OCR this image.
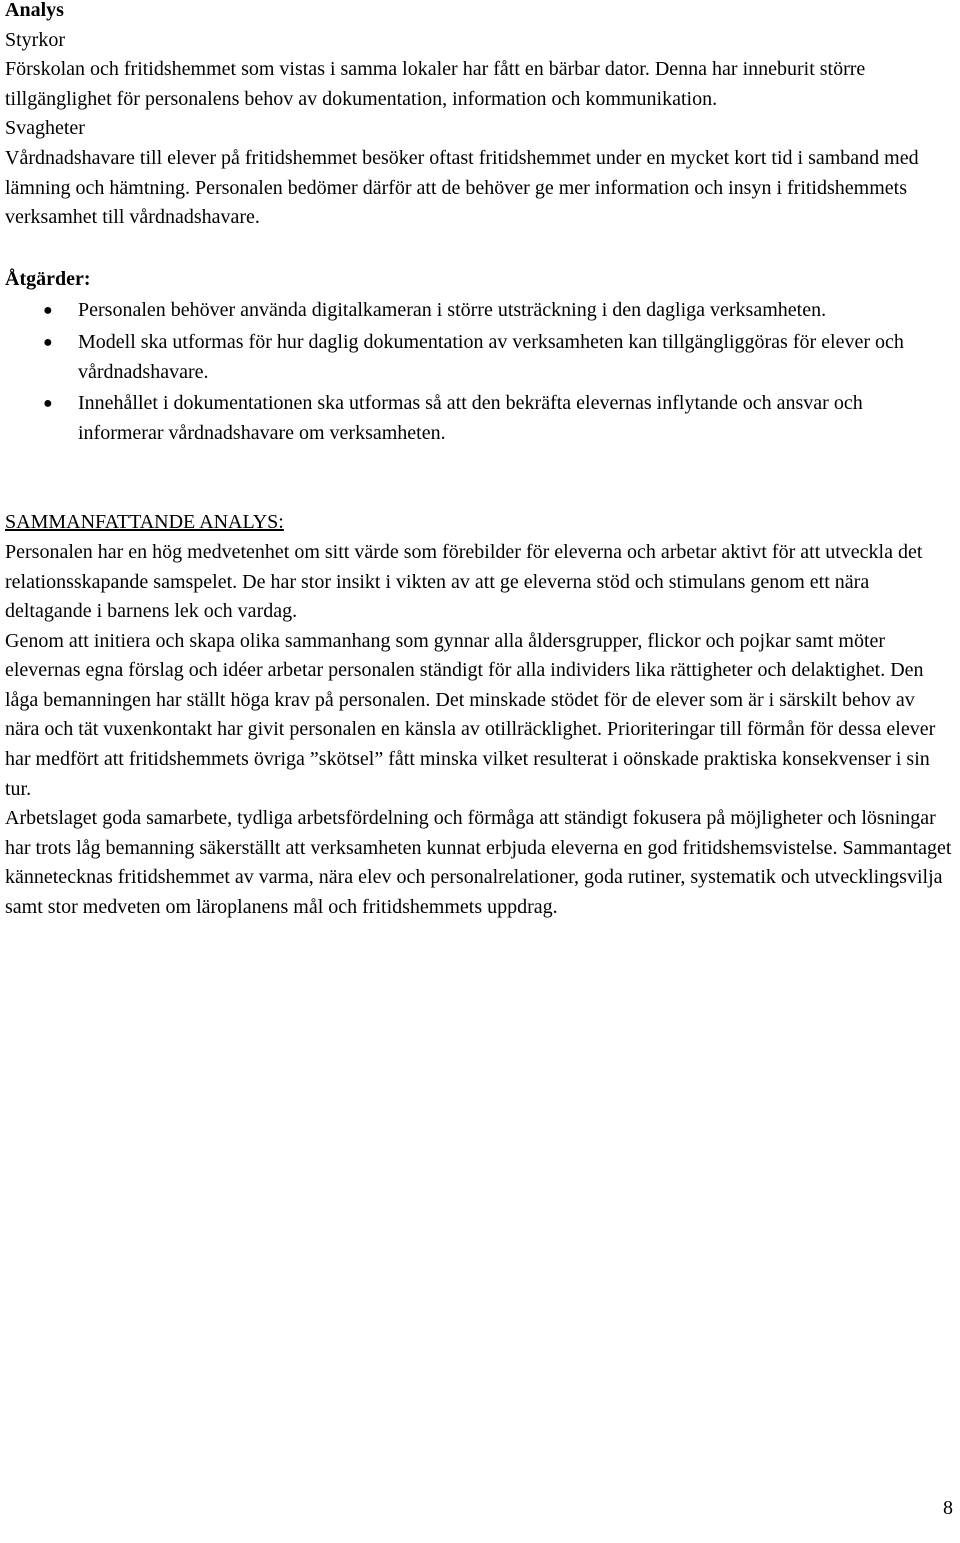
Analys

Styrkor

Förskolan och fritidshemmet som vistas i samma lokaler har fått en bärbar dator. Denna har inneburit större tillgänglighet för personalens behov av dokumentation, information och kommunikation.

Svagheter

Vårdnadshavare till elever på fritidshemmet besöker oftast fritidshemmet under en mycket kort tid i samband med lämning och hämtning. Personalen bedömer därför att de behöver ge mer information och insyn i fritidshemmets verksamhet till vårdnadshavare.

Åtgärder:

● Personalen behöver använda digitalkameran i större utsträckning i den dagliga verksamheten.
● Modell ska utformas för hur daglig dokumentation av verksamheten kan tillgängliggöras för elever och vårdnadshavare.
● Innehållet i dokumentationen ska utformas så att den bekräfta elevernas inflytande och ansvar och informerar vårdnadshavare om verksamheten.

SAMMANFATTANDE ANALYS:

Personalen har en hög medvetenhet om sitt värde som förebilder för eleverna och arbetar aktivt för att utveckla det relationsskapande samspelet. De har stor insikt i vikten av att ge eleverna stöd och stimulans genom ett nära deltagande i barnens lek och vardag.

Genom att initiera och skapa olika sammanhang som gynnar alla åldersgrupper, flickor och pojkar samt möter elevernas egna förslag och idéer arbetar personalen ständigt för alla individers lika rättigheter och delaktighet. Den låga bemanningen har ställt höga krav på personalen. Det minskade stödet för de elever som är i särskilt behov av nära och tät vuxenkontakt har givit personalen en känsla av otillräcklighet. Prioriteringar till förmån för dessa elever har medfört att fritidshemmets övriga ”skötsel” fått minska vilket resulterat i oönskade praktiska konsekvenser i sin tur.

Arbetslaget goda samarbete, tydliga arbetsfördelning och förmåga att ständigt fokusera på möjligheter och lösningar har trots låg bemanning säkerställt att verksamheten kunnat erbjuda eleverna en god fritidshemsvistelse. Sammantaget kännetecknas fritidshemmet av varma, nära elev och personalrelationer, goda rutiner, systematik och utvecklingsvilja samt stor medveten om läroplanens mål och fritidshemmets uppdrag.

8
